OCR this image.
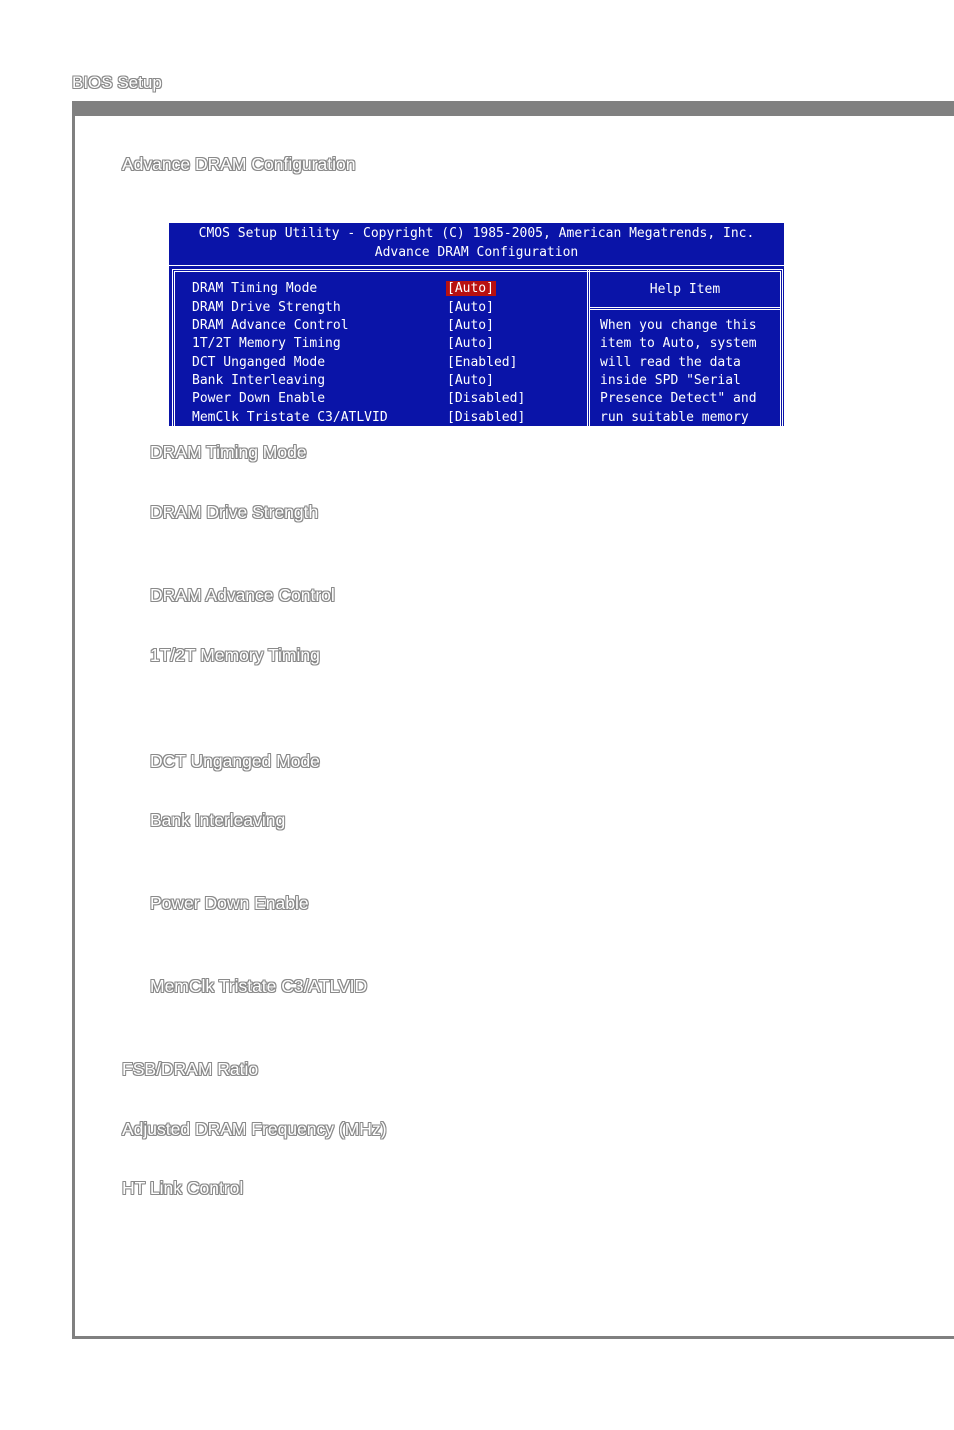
BIOS Setup
Advance DRAM Configuration
CMOS Setup Utility - Copyright (C) 1985-2005, American Megatrends, Inc.
Advance DRAM Configuration
DRAM Timing Mode	[Auto]
DRAM Drive Strength	[Auto]
DRAM Advance Control	[Auto]
1T/2T Memory Timing	[Auto]
DCT Unganged Mode	[Enabled]
Bank Interleaving	[Auto]
Power Down Enable	[Disabled]
MemClk Tristate C3/ATLVID	[Disabled]
Help Item
When you change this
item to Auto, system
will read the data
inside SPD "Serial
Presence Detect" and
run suitable memory
DRAM Timing Mode
DRAM Drive Strength
DRAM Advance Control
1T/2T Memory Timing
DCT Unganged Mode
Bank Interleaving
Power Down Enable
MemClk Tristate C3/ATLVID
FSB/DRAM Ratio
Adjusted DRAM Frequency (MHz)
HT Link Control
